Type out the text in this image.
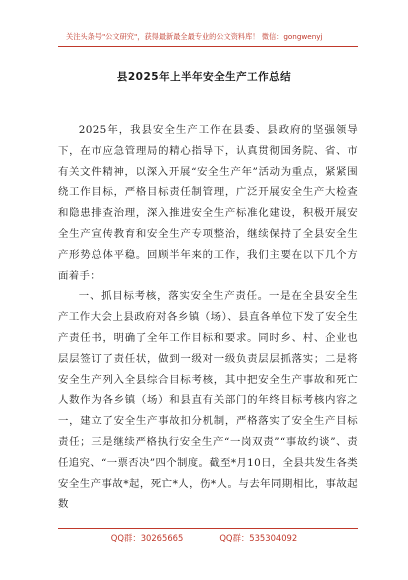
关注头条号"公文研究"，获得最新最全最专业的公文资料库！ 微信：gongwenyj
县2025年上半年安全生产工作总结

2025年，我县安全生产工作在县委、县政府的坚强领导下，在市应急管理局的精心指导下，认真贯彻国务院、省、市有关文件精神，以深入开展“安全生产年”活动为重点，紧紧围绕工作目标，严格目标责任制管理，广泛开展安全生产大检查和隐患排查治理，深入推进安全生产标准化建设，积极开展安全生产宣传教育和安全生产专项整治，继续保持了全县安全生产形势总体平稳。回顾半年来的工作，我们主要在以下几个方面着手：

一、抓目标考核，落实安全生产责任。一是在全县安全生产工作大会上县政府对各乡镇（场）、县直各单位下发了安全生产责任书，明确了全年工作目标和要求。同时乡、村、企业也层层签订了责任状，做到一级对一级负责层层抓落实；二是将安全生产列入全县综合目标考核，其中把安全生产事故和死亡人数作为各乡镇（场）和县直有关部门的年终目标考核内容之一，建立了安全生产事故扣分机制，严格落实了安全生产目标责任；三是继续严格执行安全生产“一岗双责”“事故约谈”、责任追究、“一票否决”四个制度。截至*月10日，全县共发生各类安全生产事故*起，死亡*人，伤*人。与去年同期相比，事故起数

QQ群：30265665	QQ群：535304092
